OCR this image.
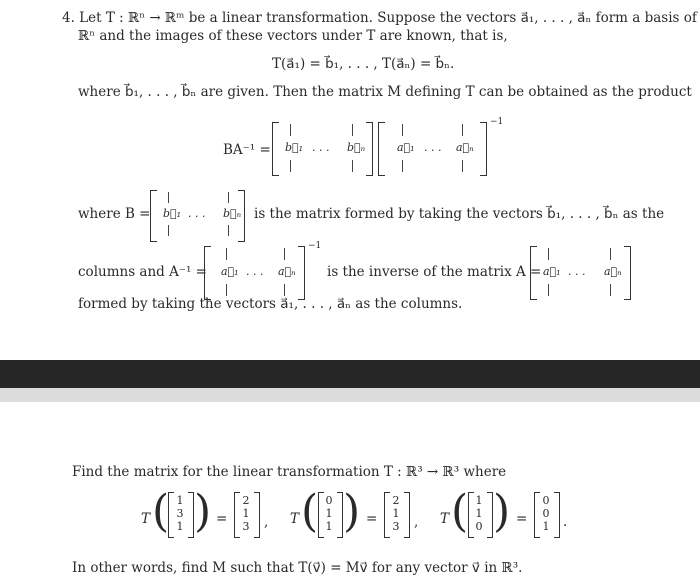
4. Let T : ℝⁿ → ℝᵐ be a linear transformation. Suppose the vectors a⃗₁, . . . , a⃗ₙ form a basis of
ℝⁿ and the images of these vectors under T are known, that is,
T(a⃗₁) = b⃗₁, . . . , T(a⃗ₙ) = b⃗ₙ.
where b⃗₁, . . . , b⃗ₙ are given. Then the matrix M defining T can be obtained as the product
BA⁻¹ = b⃗₁ · · · b⃗ₙ	a⃗₁ · · · a⃗ₙ
−1
where B = b⃗₁ · · · b⃗ₙ is the matrix formed by taking the vectors b⃗₁, . . . , b⃗ₙ as the
columns and A⁻¹ = a⃗₁ · · · a⃗ₙ
−1
is the inverse of the matrix A = a⃗₁ · · · a⃗ₙ
formed by taking the vectors a⃗₁, . . . , a⃗ₙ as the columns.
Find the matrix for the linear transformation T : ℝ³ → ℝ³ where
T ( 1
3
1 ) =
2
1
3 , T ( 0
1
1 ) =
2
1
3 , T ( 1
1
0 ) =
0
0
1 .
In other words, find M such that T(v⃗) = Mv⃗ for any vector v⃗ in ℝ³.
